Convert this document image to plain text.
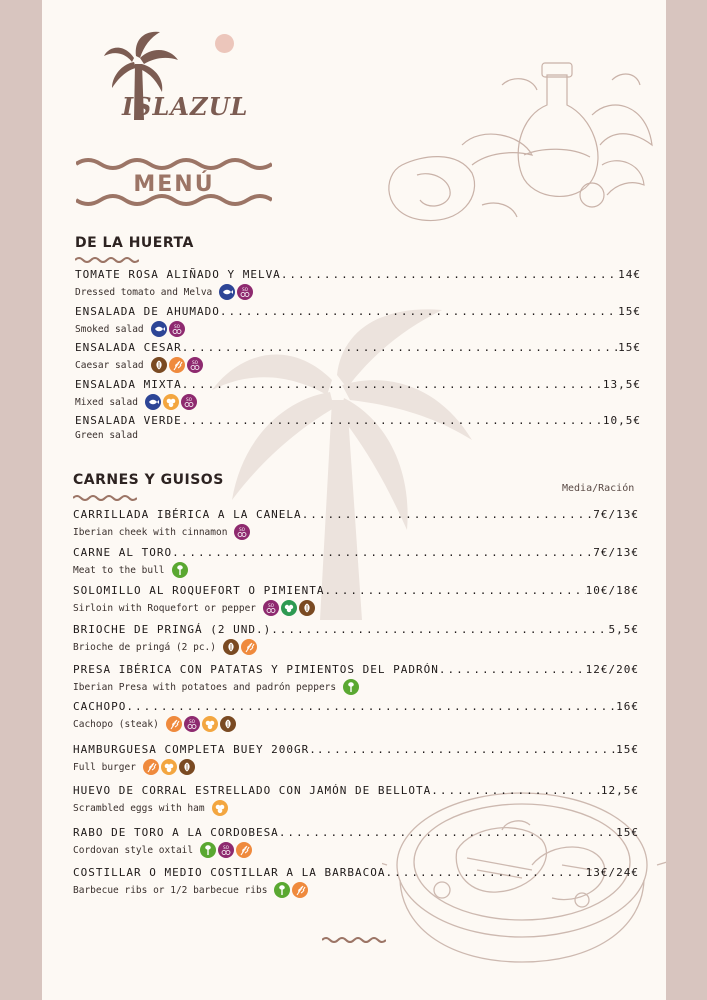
ISLAZUL
MENÚ
DE LA HUERTA
TOMATE ROSA ALIÑADO Y MELVA .....	14€
Dressed tomato and Melva	SO
ENSALADA DE AHUMADO .....	15€
Smoked salad	SO
ENSALADA CESAR .....	15€
Caesar salad	SO
ENSALADA MIXTA .....	13,5€
Mixed salad	SO
ENSALADA VERDE .....	10,5€
Green salad
CARNES Y GUISOS
Media/Ración
CARRILLADA IBÉRICA A LA CANELA .....	7€/13€
Iberian cheek with cinnamon	SO
CARNE AL TORO .....	7€/13€
Meat to the bull
SOLOMILLO AL ROQUEFORT O PIMIENTA .....	10€/18€
Sirloin with Roquefort or pepper	SO
BRIOCHE DE PRINGÁ (2 UND.) .....	5,5€
Brioche de pringá (2 pc.)
PRESA IBÉRICA CON PATATAS Y PIMIENTOS DEL PADRÓN .....	12€/20€
Iberian Presa with potatoes and padrón peppers
CACHOPO .....	16€
Cachopo (steak)	SO
HAMBURGUESA COMPLETA BUEY 200GR. .....	15€
Full burger
HUEVO DE CORRAL ESTRELLADO CON JAMÓN DE BELLOTA .....	12,5€
Scrambled eggs with ham
RABO DE TORO A LA CORDOBESA .....	15€
Cordovan style oxtail	SO
COSTILLAR O MEDIO COSTILLAR A LA BARBACOA .....	13€/24€
Barbecue ribs or 1/2 barbecue ribs
